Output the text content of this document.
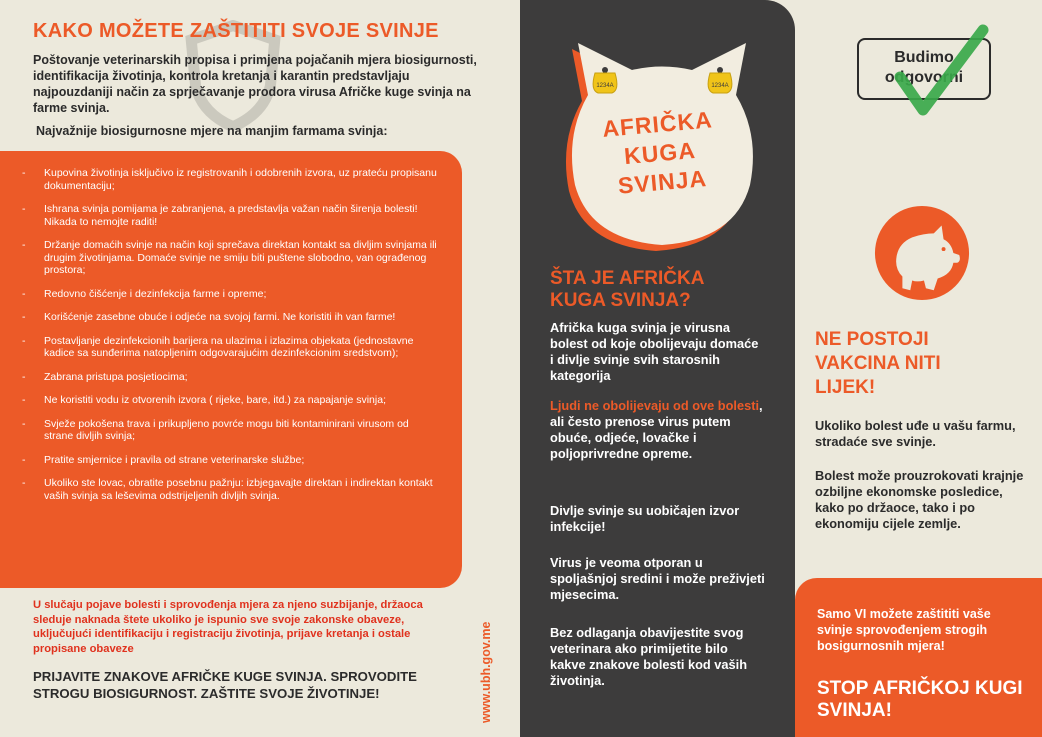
KAKO MOŽETE ZAŠTITITI SVOJE SVINJE

Poštovanje veterinarskih propisa i primjena pojačanih mjera biosigurnosti, identifikacija životinja, kontrola kretanja i karantin predstavljaju najpouzdaniji način za sprječavanje prodora virusa Afričke kuge svinja na farme svinja.

Najvažnije biosigurnosne mjere na manjim farmama svinja:

- Kupovina životinja isključivo iz registrovanih i odobrenih izvora, uz prateću propisanu dokumentaciju;
- Ishrana svinja pomijama je zabranjena, a predstavlja važan način širenja bolesti! Nikada to nemojte raditi!
- Držanje domaćih svinje na način koji sprečava direktan kontakt sa divljim svinjama ili drugim životinjama. Domaće svinje ne smiju biti puštene slobodno, van ograđenog prostora;
- Redovno čišćenje i dezinfekcija farme i opreme;
- Korišćenje zasebne obuće i odjeće na svojoj farmi. Ne koristiti ih van farme!
- Postavljanje dezinfekcionih barijera na ulazima i izlazima objekata (jednostavne kadice sa sunđerima natopljenim odgovarajućim dezinfekcionim sredstvom);
- Zabrana pristupa posjetiocima;
- Ne koristiti vodu iz otvorenih izvora ( rijeke, bare, itd.) za napajanje svinja;
- Svježe pokošena trava i prikupljeno povrće mogu biti kontaminirani virusom od strane divljih svinja;
- Pratite smjernice i pravila od strane veterinarske službe;
- Ukoliko ste lovac, obratite posebnu pažnju: izbjegavajte direktan i indirektan kontakt vaših svinja sa leševima odstrijeljenih divljih svinja.

U slučaju pojave bolesti i sprovođenja mjera za njeno suzbijanje, držaoca sleduje naknada štete ukoliko je ispunio sve svoje zakonske obaveze, uključujući identifikaciju i registraciju životinja, prijave kretanja i ostale propisane obaveze

PRIJAVITE ZNAKOVE AFRIČKE KUGE SVINJA. SPROVODITE STROGU BIOSIGURNOST. ZAŠTITE SVOJE ŽIVOTINJE!	www.ubh.gov.me
1234A	1234A
AFRIČKA
KUGA
SVINJA
ŠTA JE AFRIČKA KUGA SVINJA?

Afrička kuga svinja je virusna bolest od koje obolijevaju domaće i divlje svinje svih starosnih kategorija

Ljudi ne obolijevaju od ove bolesti, ali često prenose virus putem obuće, odjeće, lovačke i poljoprivredne opreme.

Divlje svinje su uobičajen izvor infekcije!

Virus je veoma otporan u spoljašnjoj sredini i može preživjeti mjesecima.

Bez odlaganja obavijestite svog veterinara ako primijetite bilo kakve znakove bolesti kod vaših životinja.

Budimo
odgovorni
NE POSTOJI VAKCINA NITI LIJEK!

Ukoliko bolest uđe u vašu farmu, stradaće sve svinje.

Bolest može prouzrokovati krajnje ozbiljne ekonomske posledice, kako po držaoce, tako i po ekonomiju cijele zemlje.

Samo VI možete zaštititi vaše svinje sprovođenjem strogih bosigurnosnih mjera!

STOP AFRIČKOJ KUGI SVINJA!
